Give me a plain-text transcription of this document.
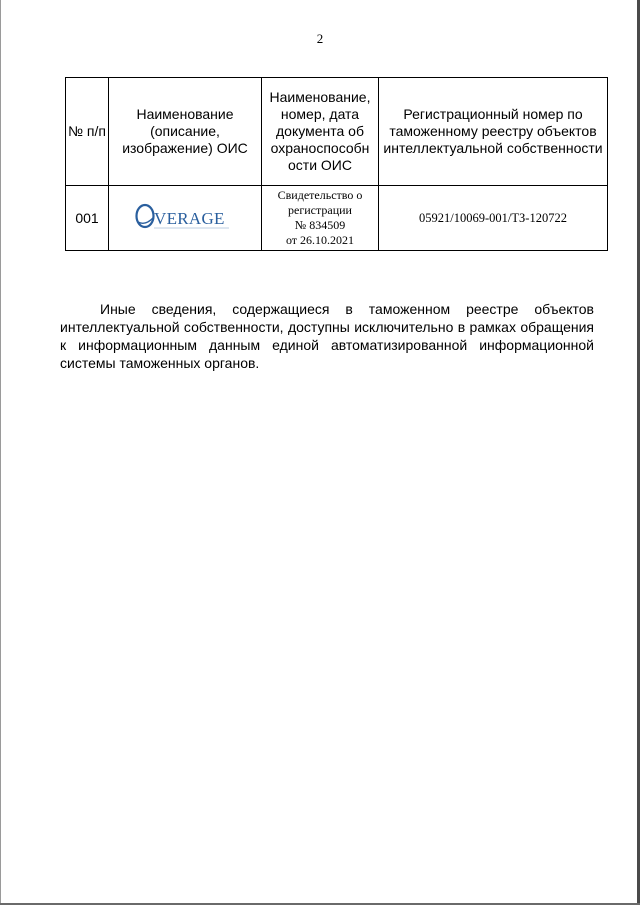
2
№ п/п	Наименование (описание, изображение) ОИС	Наименование, номер, дата документа об охраноспособн ости ОИС	Регистрационный номер по таможенному реестру объектов интеллектуальной собственности
001	VERAGE	Свидетельство о
регистрации
№ 834509
от 26.10.2021	05921/10069-001/ТЗ-120722

Иные сведения, содержащиеся в таможенном реестре объектов интеллектуальной собственности, доступны исключительно в рамках обращения к информационным данным единой автоматизированной информационной системы таможенных органов.
